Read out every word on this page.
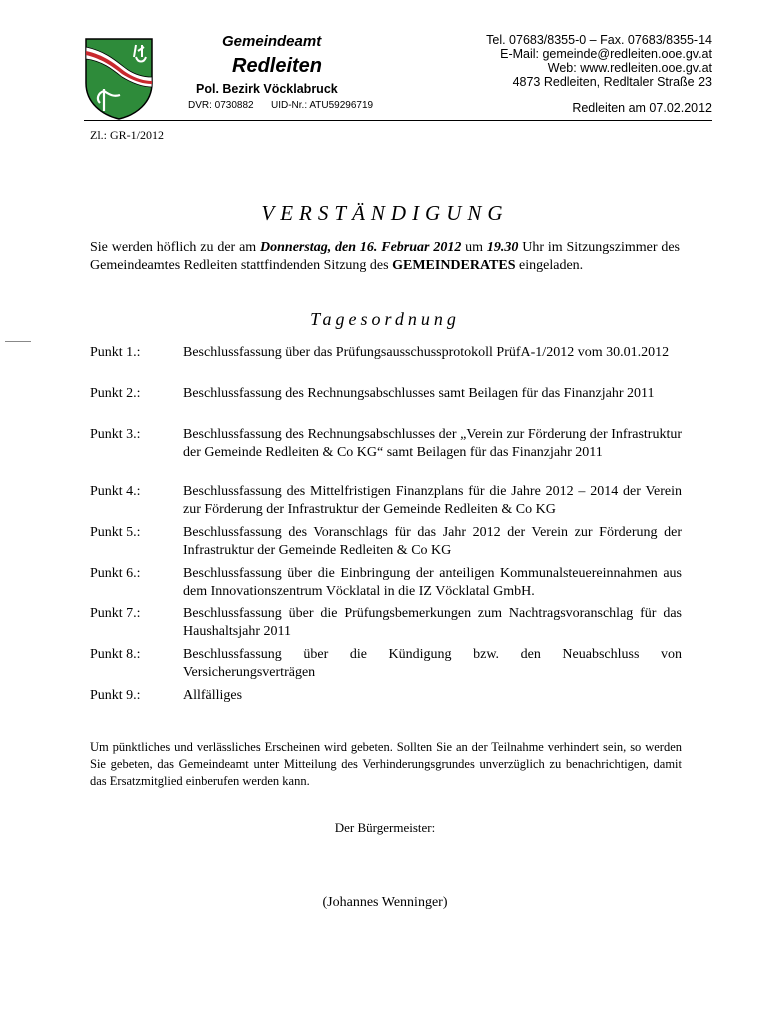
Gemeindeamt
Redleiten
Pol. Bezirk Vöcklabruck
DVR: 0730882 UID-Nr.: ATU59296719
Tel. 07683/8355-0 – Fax. 07683/8355-14
E-Mail: gemeinde@redleiten.ooe.gv.at
Web: www.redleiten.ooe.gv.at
4873 Redleiten, Redltaler Straße 23
Redleiten am 07.02.2012
Zl.: GR-1/2012
VERSTÄNDIGUNG
Sie werden höflich zu der am Donnerstag, den 16. Februar 2012 um 19.30 Uhr im Sitzungszimmer des Gemeindeamtes Redleiten stattfindenden Sitzung des GEMEINDERATES eingeladen.
Tagesordnung
Punkt 1.:	Beschlussfassung über das Prüfungsausschussprotokoll PrüfA-1/2012 vom 30.01.2012
Punkt 2.:	Beschlussfassung des Rechnungsabschlusses samt Beilagen für das Finanzjahr 2011
Punkt 3.:	Beschlussfassung des Rechnungsabschlusses der „Verein zur Förderung der Infrastruktur der Gemeinde Redleiten & Co KG“ samt Beilagen für das Finanzjahr 2011
Punkt 4.:	Beschlussfassung des Mittelfristigen Finanzplans für die Jahre 2012 – 2014 der Verein zur Förderung der Infrastruktur der Gemeinde Redleiten & Co KG
Punkt 5.:	Beschlussfassung des Voranschlags für das Jahr 2012 der Verein zur Förderung der Infrastruktur der Gemeinde Redleiten & Co KG
Punkt 6.:	Beschlussfassung über die Einbringung der anteiligen Kommunalsteuereinnahmen aus dem Innovationszentrum Vöcklatal in die IZ Vöcklatal GmbH.
Punkt 7.:	Beschlussfassung über die Prüfungsbemerkungen zum Nachtragsvoranschlag für das Haushaltsjahr 2011
Punkt 8.:	Beschlussfassung über die Kündigung bzw. den Neuabschluss von Versicherungsverträgen
Punkt 9.:	Allfälliges
Um pünktliches und verlässliches Erscheinen wird gebeten. Sollten Sie an der Teilnahme verhindert sein, so werden Sie gebeten, das Gemeindeamt unter Mitteilung des Verhinderungsgrundes unverzüglich zu benachrichtigen, damit das Ersatzmitglied einberufen werden kann.
Der Bürgermeister:
(Johannes Wenninger)
